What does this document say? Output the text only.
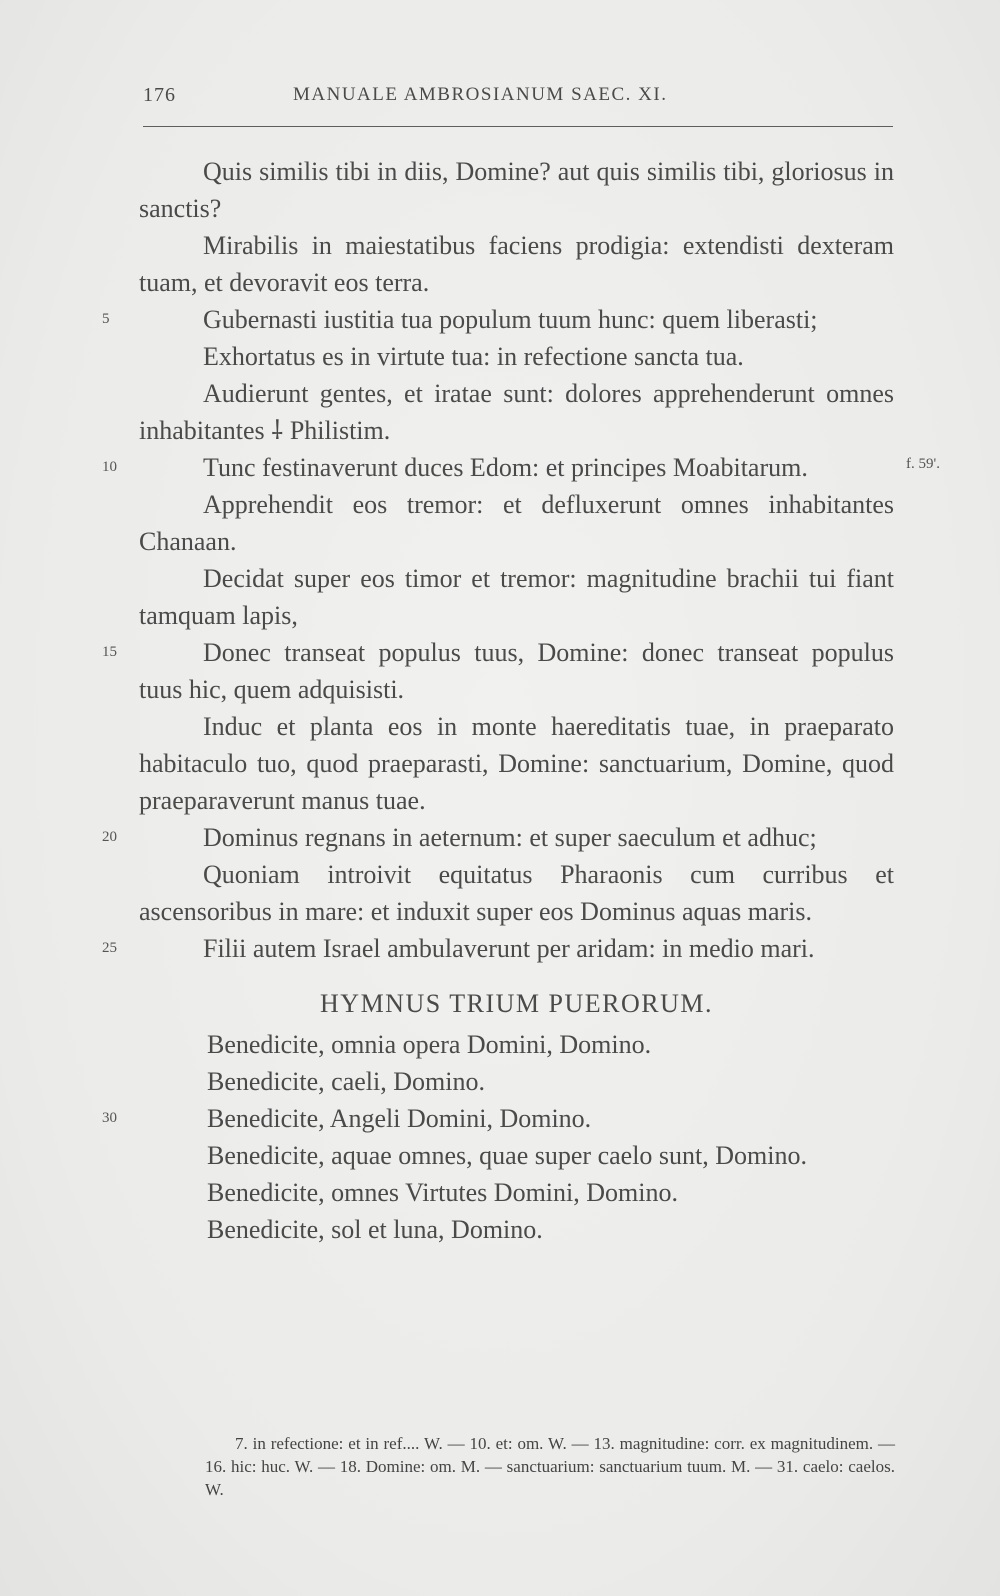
176	MANUALE AMBROSIANUM SAEC. XI.
f. 59'.

Quis similis tibi in diis, Domine? aut quis similis tibi, gloriosus in sanctis?

Mirabilis in maiestatibus faciens prodigia: extendisti dexteram tuam, et devoravit eos terra.

5	Gubernasti iustitia tua populum tuum hunc: quem liberasti;

Exhortatus es in virtute tua: in refectione sancta tua.

Audierunt gentes, et iratae sunt: dolores apprehenderunt omnes inhabitantes ⸸ Philistim.

10	Tunc festinaverunt duces Edom: et principes Moabitarum.

Apprehendit eos tremor: et defluxerunt omnes inhabitantes Chanaan.

Decidat super eos timor et tremor: magnitudine brachii tui fiant tamquam lapis,

15	Donec transeat populus tuus, Domine: donec transeat populus tuus hic, quem adquisisti.

Induc et planta eos in monte haereditatis tuae, in praeparato habitaculo tuo, quod praeparasti, Domine: sanctuarium, Domine, quod praeparaverunt manus tuae.

20	Dominus regnans in aeternum: et super saeculum et adhuc;

Quoniam introivit equitatus Pharaonis cum curribus et ascensoribus in mare: et induxit super eos Dominus aquas maris.

25	Filii autem Israel ambulaverunt per aridam: in medio mari.

HYMNUS TRIUM PUERORUM.
Benedicite, omnia opera Domini, Domino.
Benedicite, caeli, Domino.
30	Benedicite, Angeli Domini, Domino.
Benedicite, aquae omnes, quae super caelo sunt, Domino.
Benedicite, omnes Virtutes Domini, Domino.
Benedicite, sol et luna, Domino.
7. in refectione: et in ref.... W. — 10. et: om. W. — 13. magnitudine: corr. ex magnitudinem. — 16. hic: huc. W. — 18. Domine: om. M. — sanctuarium: sanctuarium tuum. M. — 31. caelo: caelos. W.
